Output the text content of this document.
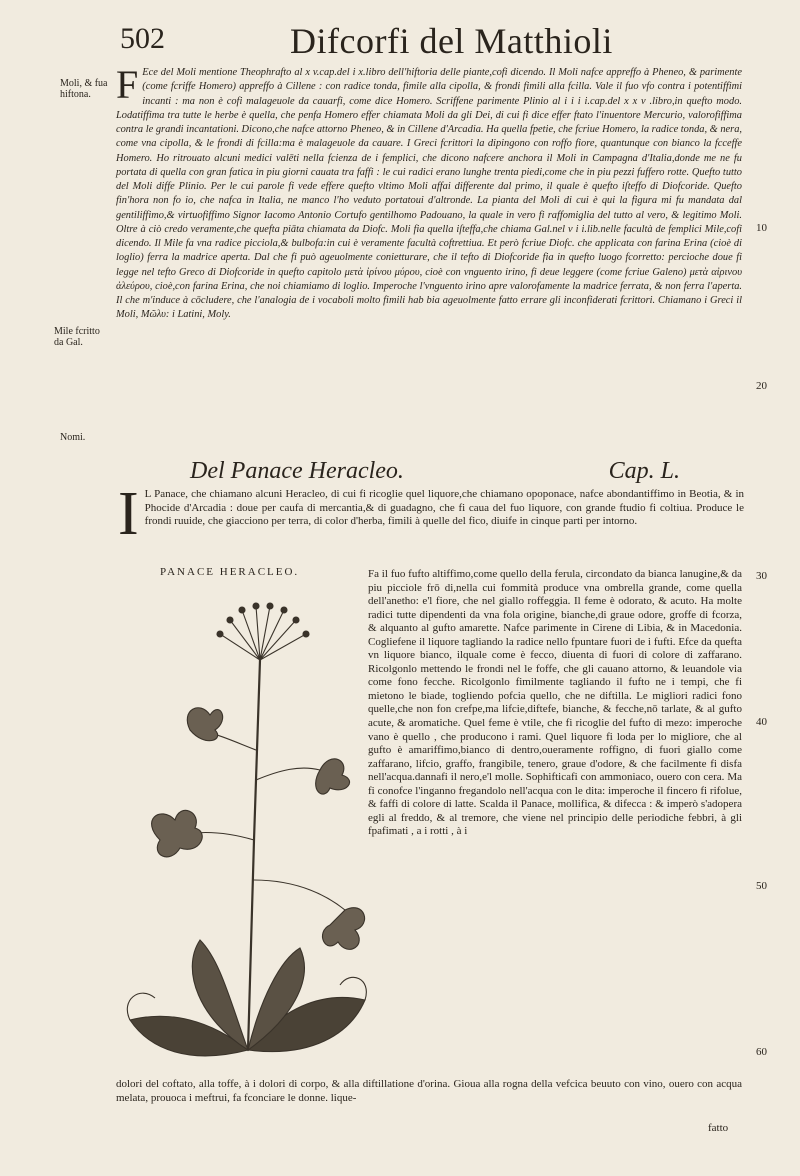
502	Difcorfi del Matthioli
Moli, & fua hiftona.
Mile fcritto da Gal.
Nomi.
10
20
30
40
50
60
F Ece del Moli mentione Theophrafto al x v.cap.del i x.libro dell'hiftoria delle piante,cofi dicendo. Il Moli nafce appreffo à Pheneo, & parimente (come fcriffe Homero) appreffo à Cillene : con radice tonda, fimile alla cipolla, & frondi fimili alla fcilla. Vale il fuo vfo contra i potentiffimi incanti : ma non è cofi malageuole da cauarfi, come dice Homero. Scriffene parimente Plinio al i i i i.cap.del x x v .libro,in quefto modo. Lodatiffima tra tutte le herbe è quella, che penfa Homero effer chiamata Moli da gli Dei, di cui fi dice effer ftato l'inuentore Mercurio, valorofiffima contra le grandi incantationi. Dicono,che nafce attorno Pheneo, & in Cillene d'Arcadia. Ha quella fpetie, che fcriue Homero, la radice tonda, & nera, come vna cipolla, & le frondi di fcilla:ma è malageuole da cauare. I Greci fcrittori la dipingono con roffo fiore, quantunque con bianco la fcceffe Homero. Ho ritrouato alcuni medici valēti nella fcienza de i femplici, che dicono nafcere anchora il Moli in Campagna d'Italia,donde me ne fu portata di quella con gran fatica in piu giorni cauata tra faffi : le cui radici erano lunghe trenta piedi,come che in piu pezzi fuffero rotte. Quefto tutto del Moli diffe Plinio. Per le cui parole fi vede effere quefto vltimo Moli affai differente dal primo, il quale è quefto iſteffo di Diofcoride. Quefto fin'hora non fo io, che nafca in Italia, ne manco l'ho veduto portatoui d'altronde. La pianta del Moli di cui è qui la figura mi fu mandata dal gentiliffimo,& virtuofiffimo Signor Iacomo Antonio Cortufo gentilhomo Padouano, la quale in vero fi raffomiglia del tutto al vero, & legitimo Moli. Oltre à ciò credo veramente,che quefta piāta chiamata da Diofc. Moli fia quella iſteffa,che chiama Gal.nel v i i.lib.nelle facultà de femplici Mile,cofi dicendo. Il Mile fa vna radice picciola,& bulbofa:in cui è veramente facultà coftrettiua. Et però fcriue Diofc. che applicata con farina Erina (cioè di loglio) ferra la madrice aperta. Dal che fi può ageuolmente conietturare, che il tefto di Diofcoride fia in quefto luogo fcorretto: percioche doue fi legge nel tefto Greco di Diofcoride in quefto capitolo μετὰ ἰρίνου μύρου, cioè con vnguento irino, fi deue leggere (come fcriue Galeno) μετὰ αἰρινου ἀλεύρου, cioè,con farina Erina, che noi chiamiamo di loglio. Imperoche l'vnguento irino apre valorofamente la madrice ferrata, & non ferra l'aperta. Il che m'induce à cōcludere, che l'analogia de i vocaboli molto fimili hab bia ageuolmente fatto errare gli inconfiderati fcrittori. Chiamano i Greci il Moli, Μῶλυ: i Latini, Moly.

Del Panace Heracleo.	Cap. L.
I L Panace, che chiamano alcuni Heracleo, di cui fi ricoglie quel liquore,che chiamano opoponace, nafce abondantiffimo in Beotia, & in Phocide d'Arcadia : doue per caufa di mercantia,& di guadagno, che fi caua del fuo liquore, con grande ftudio fi coltiua. Produce le frondi ruuide, che giacciono per terra, di color d'herba, fimili à quelle del fico, diuife in cinque parti per intorno.

PANACE HERACLEO.	Fa il fuo fufto altiffimo,come quello della ferula, circondato da bianca lanugine,& da piu picciole frō di,nella cui fommità produce vna ombrella grande, come quella dell'anetho: e'l fiore, che nel giallo roffeggia. Il feme è odorato, & acuto. Ha molte radici tutte dipendenti da vna fola origine, bianche,di graue odore, groffe di fcorza, & alquanto al gufto amarette. Nafce parimente in Cirene di Libia, & in Macedonia. Cogliefene il liquore tagliando la radice nello fpuntare fuori de i fufti. Efce da quefta vn liquore bianco, ilquale come è fecco, diuenta di fuori di colore di zaffarano. Ricolgonlo mettendo le frondi nel le foffe, che gli cauano attorno, & leuandole via come fono fecche. Ricolgonlo fimilmente tagliando il fufto ne i tempi, che fi mietono le biade, togliendo pofcia quello, che ne diftilla. Le migliori radici fono quelle,che non fon crefpe,ma lifcie,diftefe, bianche, & fecche,nō tarlate, & al gufto acute, & aromatiche. Quel feme è vtile, che fi ricoglie del fufto di mezo: imperoche vano è quello , che producono i rami. Quel liquore fi loda per lo migliore, che al gufto è amariffimo,bianco di dentro,oueramente roffigno, di fuori giallo come zaffarano, lifcio, graffo, frangibile, tenero, graue d'odore, & che facilmente fi disfa nell'acqua.dannafi il nero,e'l molle. Sophifticafi con ammoniaco, ouero con cera. Ma fi conofce l'inganno fregandolo nell'acqua con le dita: imperoche il fincero fi rifolue, & faffi di colore di latte. Scalda il Panace, mollifica, & difecca : & imperò s'adopera egli al freddo, & al tremore, che viene nel principio delle periodiche febbri, à gli fpafimati , a i rotti , à i

dolori del coftato, alla toffe, à i dolori di corpo, & alla diftillatione d'orina. Gioua alla rogna della vefcica beuuto con vino, ouero con acqua melata, prouoca i meftrui, fa fconciare le donne. lique-

fatto
